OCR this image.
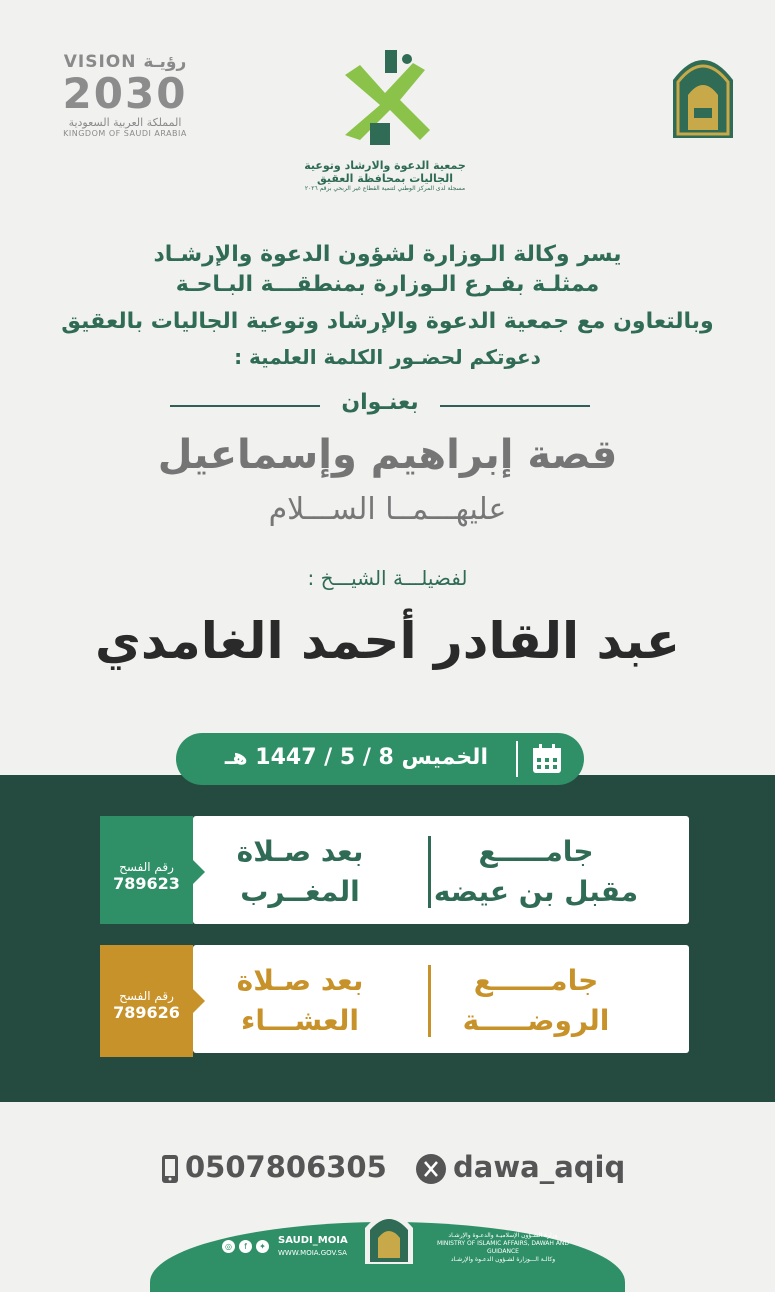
VISION رؤيـة
2030
المملكة العربية السعودية
KINGDOM OF SAUDI ARABIA
جمعية الدعوة والارشاد وتوعية
الجاليات بمحافظة العقيق
مسجلة لدى المركز الوطني لتنمية القطاع غير الربحي برقم ٢٠٢٦
يسر وكالة الـوزارة لشؤون الدعوة والإرشـاد
ممثلـة بفـرع الـوزارة بمنطقـــة البـاحـة
وبالتعاون مع جمعية الدعوة والإرشاد وتوعية الجاليات بالعقيق
دعوتكم لحضـور الكلمة العلمية :
بعنـوان
قصة إبراهيم وإسماعيل
عليهـــمــا الســـلام
لفضيلـــة الشيـــخ :
عبد القادر أحمد الغامدي
الخميس 8 / 5 / 1447 هـ
جامـــــع
مقبل بن عيضه
بعد صـلاة
المغــرب
رقم الفسح
789623
جامــــــع
الروضـــــة
بعد صـلاة
العشـــاء
رقم الفسح
789626
0507806305 dawa_aqiq
◎	f	✦
SAUDI_MOIA
WWW.MOIA.GOV.SA
وزارة الشـؤون الإسلاميـة والدعـوة والإرشـاد
MINISTRY OF ISLAMIC AFFAIRS, DAWAH AND GUIDANCE
وكالـة الـــوزارة لشـؤون الدعـوة والإرشـاد
